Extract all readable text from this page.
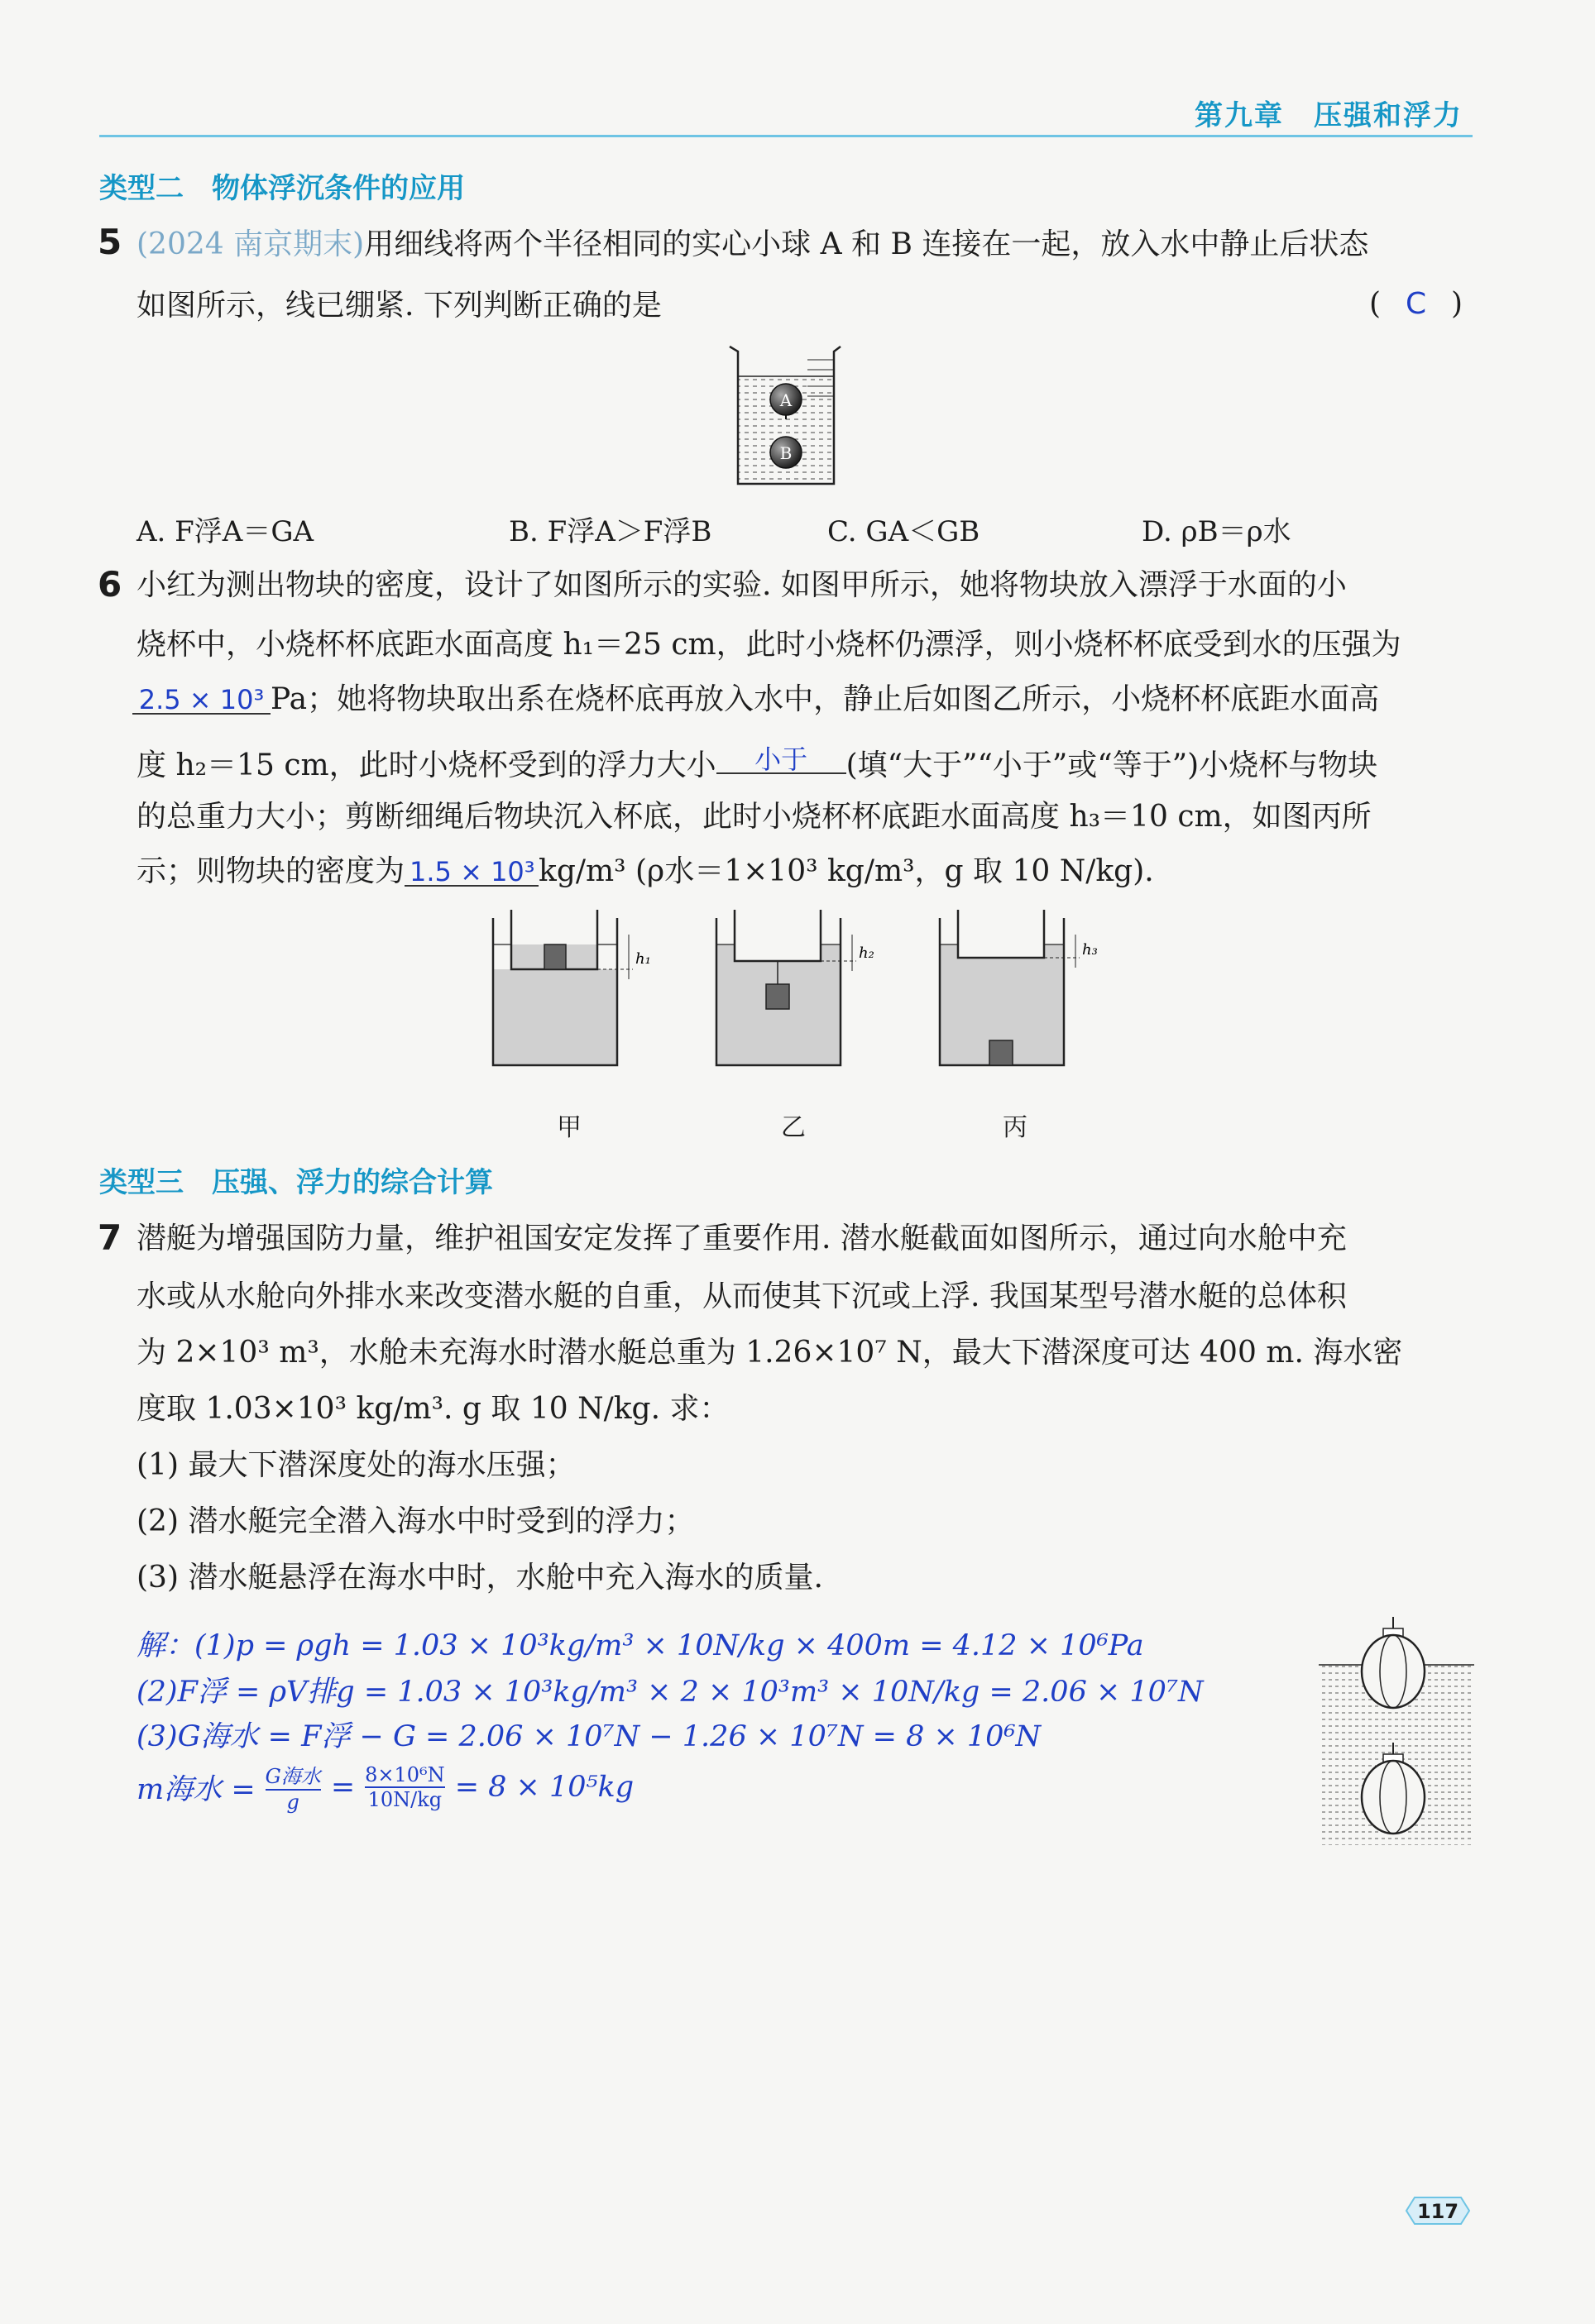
第九章　压强和浮力
类型二　物体浮沉条件的应用
5 (2024 南京期末)用细线将两个半径相同的实心小球 A 和 B 连接在一起，放入水中静止后状态
如图所示，线已绷紧. 下列判断正确的是	( C )
A
B
A. F浮A＝GA	B. F浮A＞F浮B	C. GA＜GB	D. ρB＝ρ水
6 小红为测出物块的密度，设计了如图所示的实验. 如图甲所示，她将物块放入漂浮于水面的小
烧杯中，小烧杯杯底距水面高度 h₁＝25 cm，此时小烧杯仍漂浮，则小烧杯杯底受到水的压强为
2.5 × 10³ Pa；她将物块取出系在烧杯底再放入水中，静止后如图乙所示，小烧杯杯底距水面高
度 h₂＝15 cm，此时小烧杯受到的浮力大小 小于 (填“大于”“小于”或“等于”)小烧杯与物块
的总重力大小；剪断细绳后物块沉入杯底，此时小烧杯杯底距水面高度 h₃＝10 cm，如图丙所
示；则物块的密度为 1.5 × 10³ kg/m³ (ρ水＝1×10³ kg/m³，g 取 10 N/kg).
h₁	h₂	h₃
甲	乙	丙
类型三　压强、浮力的综合计算
7 潜艇为增强国防力量，维护祖国安定发挥了重要作用. 潜水艇截面如图所示，通过向水舱中充
水或从水舱向外排水来改变潜水艇的自重，从而使其下沉或上浮. 我国某型号潜水艇的总体积
为 2×10³ m³，水舱未充海水时潜水艇总重为 1.26×10⁷ N，最大下潜深度可达 400 m. 海水密
度取 1.03×10³ kg/m³. g 取 10 N/kg. 求：
(1) 最大下潜深度处的海水压强；
(2) 潜水艇完全潜入海水中时受到的浮力；
(3) 潜水艇悬浮在海水中时，水舱中充入海水的质量.
解：(1)p = ρgh = 1.03 × 10³kg/m³ × 10N/kg × 400m = 4.12 × 10⁶Pa
(2)F浮 = ρV排g = 1.03 × 10³kg/m³ × 2 × 10³m³ × 10N/kg = 2.06 × 10⁷N
(3)G海水 = F浮 − G = 2.06 × 10⁷N − 1.26 × 10⁷N = 8 × 10⁶N
m海水 = G海水
g	= $\frac{\text{8×10⁶N}}{10N/kg} = 8 \times 10^5kg$
117
